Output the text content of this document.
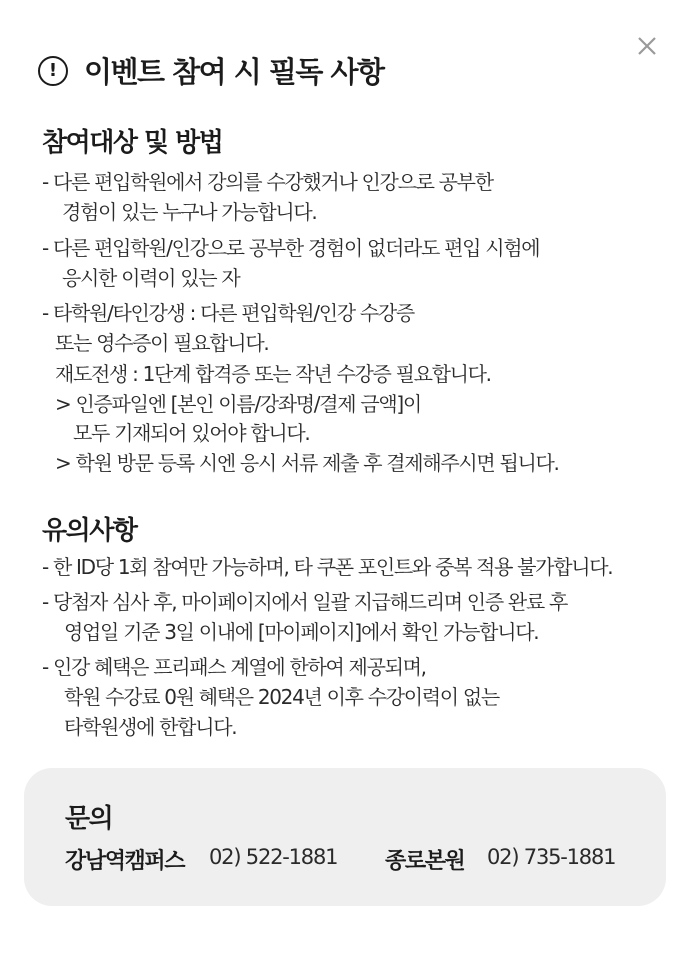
! 이벤트 참여 시 필독 사항
참여대상 및 방법
- 다른 편입학원에서 강의를 수강했거나 인강으로 공부한
경험이 있는 누구나 가능합니다.
- 다른 편입학원/인강으로 공부한 경험이 없더라도 편입 시험에
응시한 이력이 있는 자
- 타학원/타인강생 : 다른 편입학원/인강 수강증
또는 영수증이 필요합니다.
재도전생 : 1단계 합격증 또는 작년 수강증 필요합니다.
> 인증파일엔 [본인 이름/강좌명/결제 금액]이
모두 기재되어 있어야 합니다.
> 학원 방문 등록 시엔 응시 서류 제출 후 결제해주시면 됩니다.
유의사항
- 한 ID당 1회 참여만 가능하며, 타 쿠폰 포인트와 중복 적용 불가합니다.
- 당첨자 심사 후, 마이페이지에서 일괄 지급해드리며 인증 완료 후
영업일 기준 3일 이내에 [마이페이지]에서 확인 가능합니다.
- 인강 혜택은 프리패스 계열에 한하여 제공되며,
학원 수강료 0원 혜택은 2024년 이후 수강이력이 없는
타학원생에 한합니다.
문의
강남역캠퍼스 02) 522-1881 종로본원 02) 735-1881
